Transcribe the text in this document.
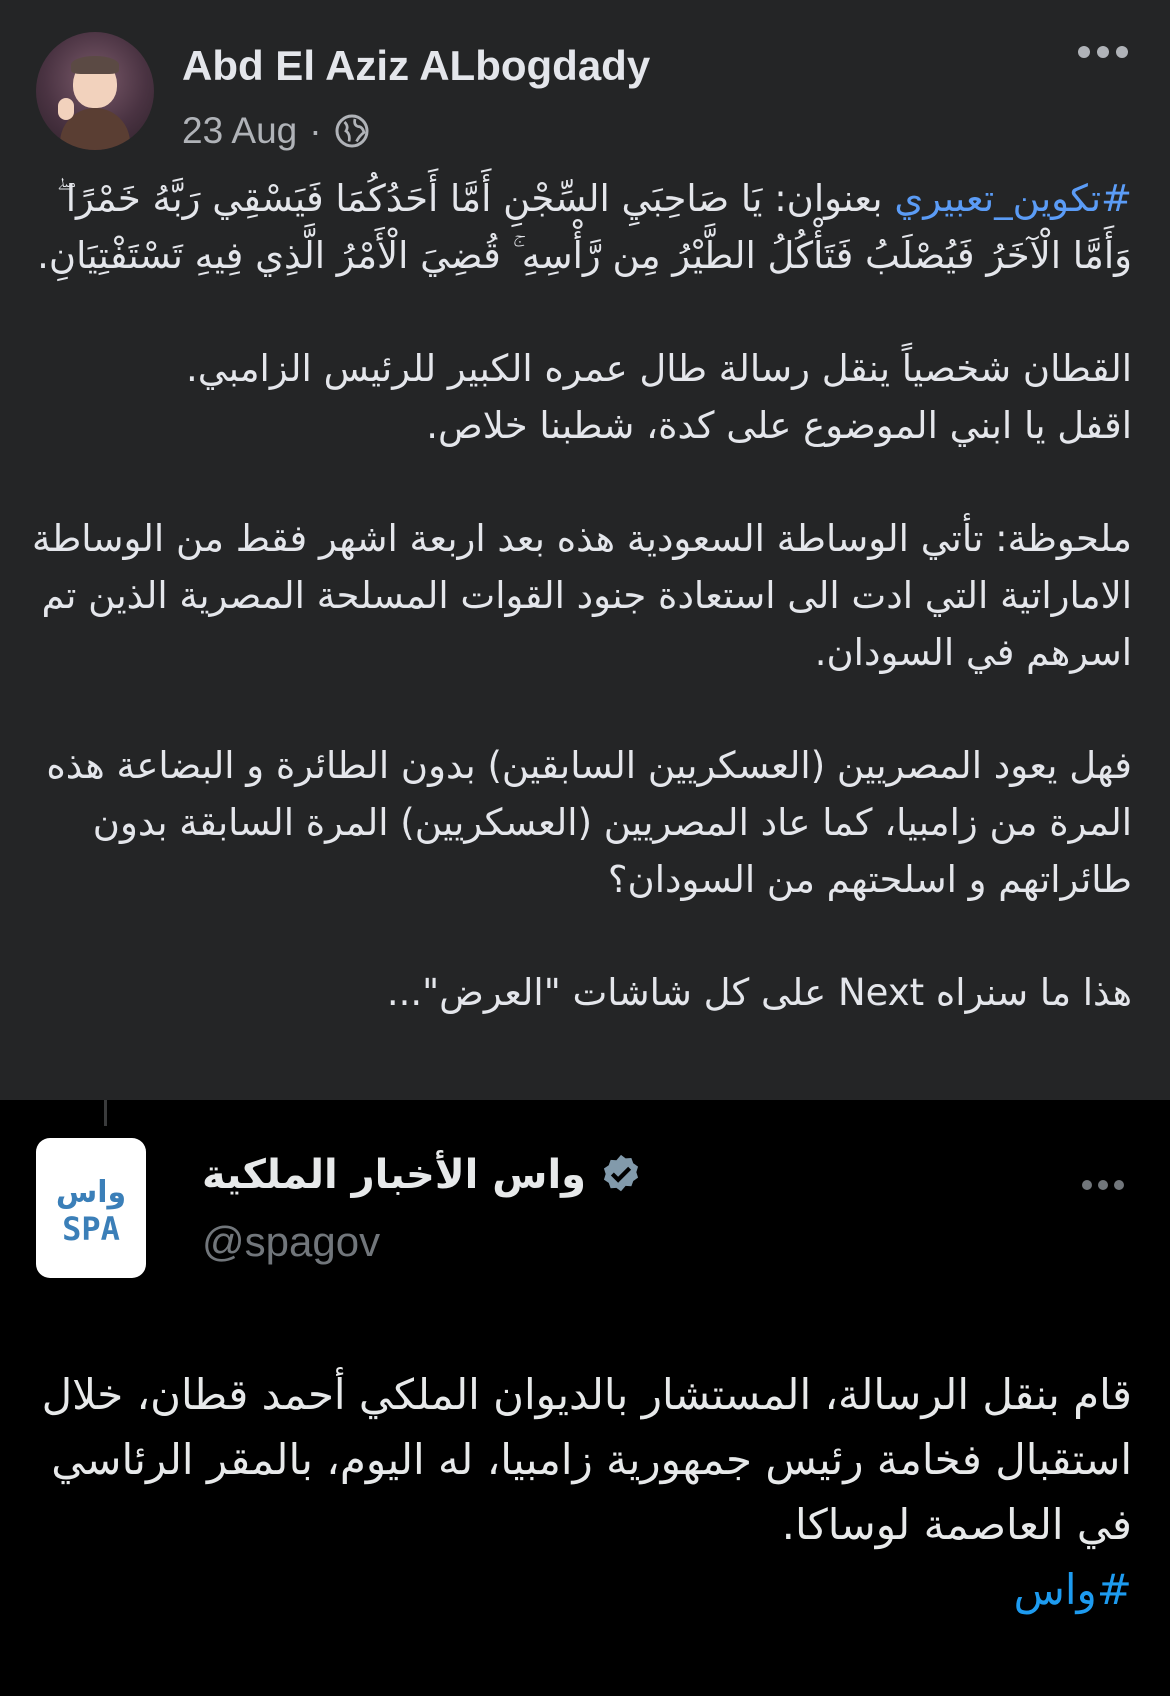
Abd El Aziz ALbogdady
23 Aug ·

#تكوين_تعبيري بعنوان: يَا صَاحِبَيِ السِّجْنِ أَمَّا أَحَدُكُمَا فَيَسْقِي رَبَّهُ خَمْرًا ۖ وَأَمَّا الْآخَرُ فَيُصْلَبُ فَتَأْكُلُ الطَّيْرُ مِن رَّأْسِهِ ۚ قُضِيَ الْأَمْرُ الَّذِي فِيهِ تَسْتَفْتِيَانِ.

القطان شخصياً ينقل رسالة طال عمره الكبير للرئيس الزامبي.
اقفل يا ابني الموضوع على كدة، شطبنا خلاص.

ملحوظة: تأتي الوساطة السعودية هذه بعد اربعة اشهر فقط من الوساطة الاماراتية التي ادت الى استعادة جنود القوات المسلحة المصرية الذين تم اسرهم في السودان.

فهل يعود المصريين (العسكريين السابقين) بدون الطائرة و البضاعة هذه المرة من زامبيا، كما عاد المصريين (العسكريين) المرة السابقة بدون طائراتهم و اسلحتهم من السودان؟

هذا ما سنراه Next على كل شاشات "العرض"...

واس
SPA
واس الأخبار الملكية
@spagov

قام بنقل الرسالة، المستشار بالديوان الملكي أحمد قطان، خلال استقبال فخامة رئيس جمهورية زامبيا، له اليوم، بالمقر الرئاسي في العاصمة لوساكا.

#واس
